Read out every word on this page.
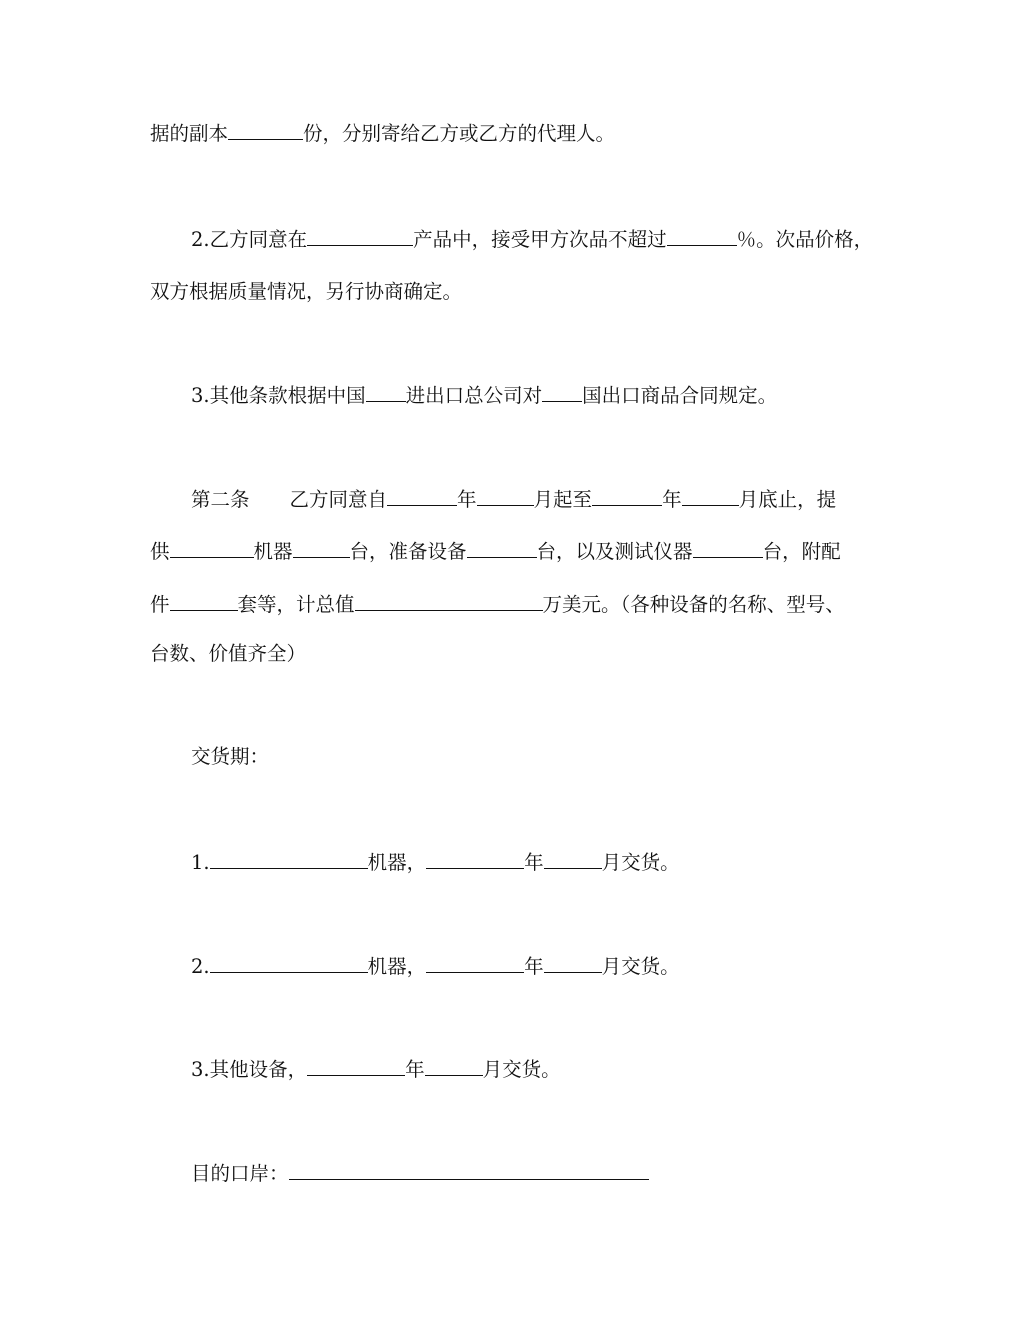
据的副本	份，分别寄给乙方或乙方的代理人。
2.乙方同意在	产品中，接受甲方次品不超过	％。次品价格，
双方根据质量情况，另行协商确定。
3.其他条款根据中国 进出口总公司对 国出口商品合同规定。
第二条 乙方同意自	年	月起至	年	月底止，提
供	机器	台，准备设备	台，以及测试仪器	台，附配
件	套等，计总值	万美元。（各种设备的名称、型号、
台数、价值齐全）
交货期：
1.	机器，	年	月交货。
2.	机器，	年	月交货。
3.其他设备，	年	月交货。
目的口岸：
